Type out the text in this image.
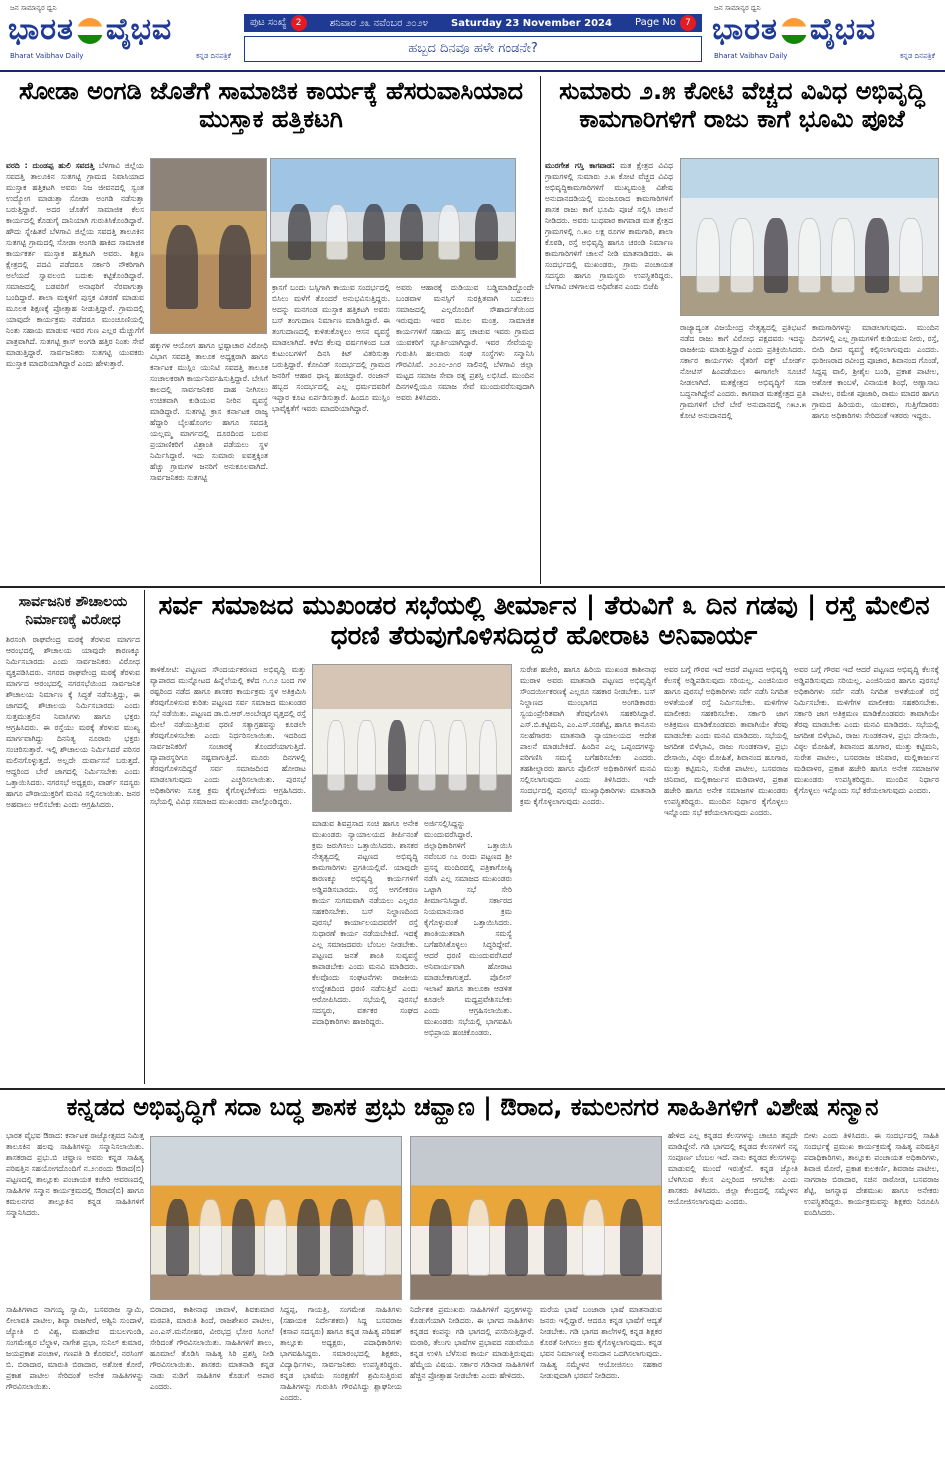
ಜನ ಸಾಮಾನ್ಯರ ಧ್ವನಿ
ಭಾರತ ವೈಭವ
Bharat Vaibhav Daily	ಕನ್ನಡ ದಿನಪತ್ರಿಕೆ
ಪುಟ ಸಂಖ್ಯೆ 2	ಶನಿವಾರ ೨೩ ನವೆಂಬರ ೨೦೨೪ Saturday 23 November 2024 Page No 7
ಹಬ್ಬದ ದಿನವೂ ಹಳೇ ಗಂಡನೇ?
ಜನ ಸಾಮಾನ್ಯರ ಧ್ವನಿ
ಭಾರತ ವೈಭವ
Bharat Vaibhav Daily	ಕನ್ನಡ ದಿನಪತ್ರಿಕೆ
ಸೋಡಾ ಅಂಗಡಿ ಜೊತೆಗೆ ಸಾಮಾಜಿಕ ಕಾರ್ಯಕ್ಕೆ ಹೆಸರುವಾಸಿಯಾದ ಮುಸ್ತಾಕ ಹತ್ತಿಕಟಗಿ
ವರದಿ : ದುಂಡಪ್ಪ ಹುಲಿ ಸವದತ್ತಿ ಬೆಳಗಾವಿ ಜಿಲ್ಲೆಯ ಸವದತ್ತಿ ತಾಲೂಕಿನ ಸುತಗಟ್ಟಿ ಗ್ರಾಮದ ನಿವಾಸಿಯಾದ ಮುಸ್ತಾಕ ಹತ್ತಿಕಟಗಿ ಅವರು ನಿಜ ಜೀವನದಲ್ಲಿ ಸ್ವಂತ ಉದ್ಯೋಗ ಮಾಡುತ್ತಾ ಸೋಡಾ ಅಂಗಡಿ ನಡೆಸುತ್ತಾ ಬರುತ್ತಿದ್ದಾರೆ. ಅದರ ಜೊತೆಗೆ ಸಾಮಾಜಿಕ ಕೆಲಸ ಕಾರ್ಯದಲ್ಲಿ ಕೊಡುಗೈ ದಾನಿಯಾಗಿ ಗುರುತಿಸಿಕೊಂಡಿದ್ದಾರೆ. ಹೌದು ಸ್ನೇಹಿತರೆ ಬೆಳಗಾವಿ ಜಿಲ್ಲೆಯ ಸವದತ್ತಿ ತಾಲೂಕಿನ ಸುತಗಟ್ಟಿ ಗ್ರಾಮದಲ್ಲಿ ಸೋಡಾ ಅಂಗಡಿ ಹಾಕಿದ ಸಾಮಾಜಿಕ ಕಾರ್ಯಕರ್ತ ಮುಸ್ತಾಕ ಹತ್ತಿಕಟಗಿ ಅವರು. ಶಿಕ್ಷಣ ಕ್ಷೇತ್ರದಲ್ಲಿ ಪದವಿ ಪಡೆದರೂ ಸರ್ಕಾರಿ ನೌಕರಿಗಾಗಿ ಅಲೆಯದೆ ಸ್ವಾವಲಂಬಿ ಬದುಕು ಕಟ್ಟಿಕೊಂಡಿದ್ದಾರೆ. ಸಮಾಜದಲ್ಲಿ ಬಡವರಿಗೆ ಅನಾಥರಿಗೆ ನೆರವಾಗುತ್ತಾ ಬಂದಿದ್ದಾರೆ. ಶಾಲಾ ಮಕ್ಕಳಿಗೆ ಪುಸ್ತಕ ವಿತರಣೆ ಮಾಡುವ ಮೂಲಕ ಶಿಕ್ಷಣಕ್ಕೆ ಪ್ರೋತ್ಸಾಹ ನೀಡುತ್ತಿದ್ದಾರೆ. ಗ್ರಾಮದಲ್ಲಿ ಯಾವುದೇ ಕಾರ್ಯಕ್ರಮ ನಡೆದರೂ ಮುಂಚೂಣಿಯಲ್ಲಿ ನಿಂತು ಸಹಾಯ ಮಾಡುವ ಇವರ ಗುಣ ಎಲ್ಲರ ಮೆಚ್ಚುಗೆಗೆ ಪಾತ್ರವಾಗಿದೆ. ಸುತಗಟ್ಟಿ ಕ್ರಾಸ್ ಅಂಗಡಿ ಹತ್ತಿರ ನಿಂತು ಸೇವೆ ಮಾಡುತ್ತಿದ್ದಾರೆ. ಸಾರ್ವಜನಿಕರು ಸುತಗಟ್ಟಿ ಯುವಕರು ಮುಸ್ತಾಕ ಮಾದರಿಯಾಗಿದ್ದಾರೆ ಎಂದು ಹೇಳುತ್ತಾರೆ.
ಹಕ್ಕುಗಳ ಆಯೋಗ ಹಾಗೂ ಭ್ರಷ್ಟಾಚಾರ ವಿರೋಧಿ ವಿಭಾಗ ಸವದತ್ತಿ ತಾಲೂಕ ಅಧ್ಯಕ್ಷರಾಗಿ ಹಾಗೂ ಕರ್ನಾಟಕ ಮುಸ್ಲಿಂ ಯುನಿಟಿ ಸವದತ್ತಿ ತಾಲೂಕ ಸಂಚಾಲಕರಾಗಿ ಕಾರ್ಯನಿರ್ವಹಿಸುತ್ತಿದ್ದಾರೆ. ಬೇಸಿಗೆ ಕಾಲದಲ್ಲಿ ಸಾರ್ವಜನಿಕರ ದಾಹ ನೀಗಿಸಲು ಉಚಿತವಾಗಿ ಕುಡಿಯುವ ನೀರಿನ ವ್ಯವಸ್ಥೆ ಮಾಡಿದ್ದಾರೆ. ಸುತಗಟ್ಟಿ ಕ್ರಾಸ ಕರ್ನಾಟಕ ರಾಜ್ಯ ಹೆದ್ದಾರಿ ಬೈಲಹೊಂಗಲ ಹಾಗೂ ಸವದತ್ತಿ ಯಲ್ಲಮ್ಮ ಮಾರ್ಗದಲ್ಲಿ ದೂರದಿಂದ ಬರುವ ಪ್ರಯಾಣಿಕರಿಗೆ ವಿಶ್ರಾಂತಿ ಪಡೆಯಲು ಸ್ಥಳ ನಿರ್ಮಿಸಿದ್ದಾರೆ. ಇದು ಸುಮಾರು ಐವತ್ತಕ್ಕಿಂತ ಹೆಚ್ಚು ಗ್ರಾಮಗಳ ಜನರಿಗೆ ಅನುಕೂಲವಾಗಿದೆ. ಸಾರ್ವಜನಿಕರು ಸುತಗಟ್ಟಿ
ಕ್ರಾಸಗೆ ಬಂದು ಬಸ್ಸಿಗಾಗಿ ಕಾಯುವ ಸಂದರ್ಭದಲ್ಲಿ ಬಿಸಿಲು ಮಳೆಗೆ ತೊಂದರೆ ಅನುಭವಿಸುತ್ತಿದ್ದರು. ಅದನ್ನು ಮನಗಂಡ ಮುಸ್ತಾಕ ಹತ್ತಿಕಟಗಿ ಅವರು ಬಸ್ ತಂಗುದಾಣ ನಿರ್ಮಾಣ ಮಾಡಿಸಿದ್ದಾರೆ. ಈ ತಂಗುದಾಣದಲ್ಲಿ ಕುಳಿತುಕೊಳ್ಳಲು ಆಸನ ವ್ಯವಸ್ಥೆ ಮಾಡಲಾಗಿದೆ. ಕಳೆದ ಕೆಲವು ವರ್ಷಗಳಿಂದ ಬಡ ಕುಟುಂಬಗಳಿಗೆ ದಿನಸಿ ಕಿಟ್ ವಿತರಿಸುತ್ತಾ ಬರುತ್ತಿದ್ದಾರೆ. ಕೋವಿಡ್ ಸಂದರ್ಭದಲ್ಲಿ ಗ್ರಾಮದ ಜನರಿಗೆ ಆಹಾರ ಧಾನ್ಯ ಹಂಚಿದ್ದಾರೆ. ರಂಜಾನ್ ಹಬ್ಬದ ಸಂದರ್ಭದಲ್ಲಿ ಎಲ್ಲ ಧರ್ಮದವರಿಗೆ ಇಫ್ತಾರ ಕೂಟ ಏರ್ಪಡಿಸುತ್ತಾರೆ. ಹಿಂದೂ ಮುಸ್ಲಿಂ ಭಾವೈಕ್ಯತೆಗೆ ಇವರು ಮಾದರಿಯಾಗಿದ್ದಾರೆ.
ಅವರು ಆಹಾರಕ್ಕೆ ದುಡಿಯುವ ಬಡ್ಡಿಮಾಡಿದ್ದೊಂದೇ ಬಂಡವಾಳ ಮನಸ್ಸಿಗೆ ಸುರಕ್ಷಿತವಾಗಿ ಬದುಕಲು ಸಮಾಜದಲ್ಲಿ ಎಲ್ಲರೊಂದಿಗೆ ಸೌಹಾರ್ದತೆಯಿಂದ ಇರುವುದು ಇವರ ಮೂಲ ಮಂತ್ರ. ಸಾಮಾಜಿಕ ಕಾರ್ಯಗಳಿಗೆ ಸಹಾಯ ಹಸ್ತ ಚಾಚುವ ಇವರು ಗ್ರಾಮದ ಯುವಕರಿಗೆ ಸ್ಪೂರ್ತಿಯಾಗಿದ್ದಾರೆ. ಇವರ ಸೇವೆಯನ್ನು ಗುರುತಿಸಿ ಹಲವಾರು ಸಂಘ ಸಂಸ್ಥೆಗಳು ಸನ್ಮಾನಿಸಿ ಗೌರವಿಸಿವೆ. ೨೦೨೦-೨೧ರ ಸಾಲಿನಲ್ಲಿ ಬೆಳಗಾವಿ ಜಿಲ್ಲಾ ಮಟ್ಟದ ಸಮಾಜ ಸೇವಾ ರತ್ನ ಪ್ರಶಸ್ತಿ ಲಭಿಸಿದೆ. ಮುಂದಿನ ದಿನಗಳಲ್ಲಿಯೂ ಸಮಾಜ ಸೇವೆ ಮುಂದುವರೆಸುವುದಾಗಿ ಅವರು ತಿಳಿಸಿದರು.
ಸುಮಾರು ೨.೫ ಕೋಟಿ ವೆಚ್ಚದ ವಿವಿಧ ಅಭಿವೃದ್ಧಿ ಕಾಮಗಾರಿಗಳಿಗೆ ರಾಜು ಕಾಗೆ ಭೂಮಿ ಪೂಜೆ
ಮುರಗೇಶ ಗಸ್ತಿ ಕಾಗವಾಡ: ಮತ ಕ್ಷೇತ್ರದ ವಿವಿಧ ಗ್ರಾಮಗಳಲ್ಲಿ ಸುಮಾರು ೨.೫ ಕೋಟಿ ವೆಚ್ಚದ ವಿವಿಧ ಅಭಿವೃದ್ಧಿಕಾಮಗಾರಿಗಳಿಗೆ ಮುಖ್ಯಮಂತ್ರಿ ವಿಶೇಷ ಅನುದಾನದಡಿಯಲ್ಲಿ ಮಂಜೂರಾದ ಕಾಮಗಾರಿಗಳಿಗೆ ಶಾಸಕ ರಾಜು ಕಾಗೆ ಭೂಮಿ ಪೂಜೆ ಸಲ್ಲಿಸಿ ಚಾಲನೆ ನೀಡಿದರು. ಅವರು ಬುಧವಾರ ಕಾಗವಾಡ ಮತ ಕ್ಷೇತ್ರದ ಗ್ರಾಮಗಳಲ್ಲಿ ೧.೫೦ ಲಕ್ಷ ರೂಗಳ ಕಾಮಗಾರಿ, ಶಾಲಾ ಕೊಠಡಿ, ರಸ್ತೆ ಅಭಿವೃದ್ಧಿ ಹಾಗೂ ಚರಂಡಿ ನಿರ್ಮಾಣ ಕಾಮಗಾರಿಗಳಿಗೆ ಚಾಲನೆ ನೀಡಿ ಮಾತನಾಡಿದರು. ಈ ಸಂದರ್ಭದಲ್ಲಿ ಮುಖಂಡರು, ಗ್ರಾಮ ಪಂಚಾಯತ ಸದಸ್ಯರು ಹಾಗೂ ಗ್ರಾಮಸ್ಥರು ಉಪಸ್ಥಿತರಿದ್ದರು. ಬೆಳಗಾವಿ ಚಳಿಗಾಲದ ಅಧಿವೇಶನ ಎಂದು ಬಿಜೆಪಿ
ರಾಜ್ಯಾದ್ಯಂತ ವಿಜಯೇಂದ್ರ ನೇತೃತ್ವದಲ್ಲಿ ಪ್ರತಿಭಟನೆ ನಡೆದ ರಾಜು ಕಾಗೆ ವಿರೋಧ ಪಕ್ಷದವರು ಇದನ್ನು ರಾಜಕೀಯ ಮಾಡುತ್ತಿದ್ದಾರೆ ಎಂದು ಪ್ರತಿಕ್ರಿಯಿಸಿದರು. ಸರ್ಕಾರ ಕಾರ್ಯಗಳು ರೈತರಿಗೆ ವಕ್ಫ್ ಬೋರ್ಡ್ ನೋಟಿಸ್ ಹಿಂಪಡೆಯಲು ಈಗಾಗಲೇ ಸೂಚನೆ ನೀಡಲಾಗಿದೆ. ಮತಕ್ಷೇತ್ರದ ಅಭಿವೃದ್ಧಿಗೆ ಸದಾ ಬದ್ಧನಾಗಿದ್ದೇನೆ ಎಂದರು. ಕಾಗವಾಡ ಮತಕ್ಷೇತ್ರದ ಪ್ರತಿ ಗ್ರಾಮಗಳಿಗೆ ಬೇರೆ ಬೇರೆ ಅನುದಾನದಲ್ಲಿ ೧೫೨.೫ ಕೋಟಿ ಅನುದಾನದಲ್ಲಿ
ಕಾಮಗಾರಿಗಳನ್ನು ಮಾಡಲಾಗುವುದು. ಮುಂದಿನ ದಿನಗಳಲ್ಲಿ ಎಲ್ಲ ಗ್ರಾಮಗಳಿಗೆ ಕುಡಿಯುವ ನೀರು, ರಸ್ತೆ, ಬೀದಿ ದೀಪ ವ್ಯವಸ್ಥೆ ಕಲ್ಪಿಸಲಾಗುವುದು ಎಂದರು. ಧುರೀಣರಾದ ರವೀಂದ್ರ ಪೂಜಾರ, ಶಿವಾನಂದ ಗೊಂಡೆ, ಸಿದ್ದಪ್ಪ ವಾಲಿ, ಶ್ರೀಶೈಲ ಬಂಡಿ, ಪ್ರಕಾಶ ಪಾಟೀಲ, ಅಶೋಕ ಕಾಂಬಳೆ, ವಿನಾಯಕ ಶಿಂಧೆ, ಅಣ್ಣಾಸಾಬ ಪಾಟೀಲ, ರಮೇಶ ಪೂಜಾರಿ, ರಾಮು ಮಾದರ ಹಾಗೂ ಗ್ರಾಮದ ಹಿರಿಯರು, ಯುವಕರು, ಗುತ್ತಿಗೆದಾರರು ಹಾಗೂ ಅಧಿಕಾರಿಗಳು ಸೇರಿದಂತೆ ಇತರರು ಇದ್ದರು.
ಸಾರ್ವಜನಿಕ ಶೌಚಾಲಯ ನಿರ್ಮಾಣಕ್ಕೆ ವಿರೋಧ
ಶಿರಸಂಗಿ ರಾಘವೇಂದ್ರ ಮಠಕ್ಕೆ ತೆರಳುವ ಮಾರ್ಗದ ಆರಂಭದಲ್ಲಿ ಶೌಚಾಲಯ ಯಾವುದೇ ಕಾರಣಕ್ಕೂ ನಿರ್ಮಿಸಬಾರದು ಎಂದು ಸಾರ್ವಜನಿಕರು ವಿರೋಧ ವ್ಯಕ್ತಪಡಿಸಿದರು. ನಗರದ ರಾಘವೇಂದ್ರ ಮಠಕ್ಕೆ ತೆರಳುವ ಮಾರ್ಗದ ಆರಂಭದಲ್ಲಿ ನಗರಸಭೆಯಿಂದ ಸಾರ್ವಜನಿಕ ಶೌಚಾಲಯ ನಿರ್ಮಾಣ ಕ್ಕೆ ಸಿದ್ಧತೆ ನಡೆಸುತ್ತಿದ್ದು, ಈ ಜಾಗದಲ್ಲಿ ಶೌಚಾಲಯ ನಿರ್ಮಿಸಬಾರದು ಎಂದು ಸುತ್ತಮುತ್ತಲಿನ ನಿವಾಸಿಗಳು ಹಾಗೂ ಭಕ್ತರು ಆಗ್ರಹಿಸಿದರು. ಈ ರಸ್ತೆಯು ಮಠಕ್ಕೆ ತೆರಳುವ ಮುಖ್ಯ ಮಾರ್ಗವಾಗಿದ್ದು ದಿನನಿತ್ಯ ನೂರಾರು ಭಕ್ತರು ಸಂಚರಿಸುತ್ತಾರೆ. ಇಲ್ಲಿ ಶೌಚಾಲಯ ನಿರ್ಮಿಸಿದರೆ ಪರಿಸರ ಮಲಿನಗೊಳ್ಳುತ್ತದೆ. ಅಲ್ಲದೇ ದುರ್ವಾಸನೆ ಬರುತ್ತದೆ. ಆದ್ದರಿಂದ ಬೇರೆ ಜಾಗದಲ್ಲಿ ನಿರ್ಮಿಸಬೇಕು ಎಂದು ಒತ್ತಾಯಿಸಿದರು. ನಗರಸಭೆ ಅಧ್ಯಕ್ಷರು, ವಾರ್ಡ್ ಸದಸ್ಯರು ಹಾಗೂ ಪೌರಾಯುಕ್ತರಿಗೆ ಮನವಿ ಸಲ್ಲಿಸಲಾಯಿತು. ಜನರ ಅಹವಾಲು ಆಲಿಸಬೇಕು ಎಂದು ಆಗ್ರಹಿಸಿದರು.
ಸರ್ವ ಸಮಾಜದ ಮುಖಂಡರ ಸಭೆಯಲ್ಲಿ ತೀರ್ಮಾನ | ತೆರುವಿಗೆ ೩ ದಿನ ಗಡವು | ರಸ್ತೆ ಮೇಲಿನ ಧರಣಿ ತೆರುವುಗೊಳಿಸದಿದ್ದರೆ ಹೋರಾಟ ಅನಿವಾರ್ಯ
ತಾಳಿಕೋಟಿ: ಪಟ್ಟಣದ ಸೌಂದರ್ಯಕರಣದ ಅಭಿವೃದ್ಧಿ ಮತ್ತು ವ್ಯಾಪಾರದ ಮುನ್ನೋಟದ ಹಿನ್ನೆಲೆಯಲ್ಲಿ ಕಳೆದ ೧.೧೨ ಬಂದ ಗಳ ರಷ್ಟರಿಂದ ನಡೆದ ಹಾಗೂ ಶಾಸಕರ ಕಾರ್ಯಕ್ರಮ ಸ್ಥಳ ಅತಿಕ್ರಮಿಸಿ ತೆರವುಗೊಳಿಸುವ ಕುರಿತು ಪಟ್ಟಣದ ಸರ್ವ ಸಮಾಜದ ಮುಖಂಡರ ಸಭೆ ನಡೆಯಿತು. ಪಟ್ಟಣದ ಡಾ.ಬಿ.ಆರ್.ಅಂಬೇಡ್ಕರ ವೃತ್ತದಲ್ಲಿ ರಸ್ತೆ ಮೇಲೆ ನಡೆಯುತ್ತಿರುವ ಧರಣಿ ಸತ್ಯಾಗ್ರಹವನ್ನು ಕೂಡಲೇ ತೆರವುಗೊಳಿಸಬೇಕು ಎಂದು ನಿರ್ಧರಿಸಲಾಯಿತು. ಇದರಿಂದ ಸಾರ್ವಜನಿಕರಿಗೆ ಸಂಚಾರಕ್ಕೆ ತೊಂದರೆಯಾಗುತ್ತಿದೆ. ವ್ಯಾಪಾರಸ್ಥರಿಗೂ ನಷ್ಟವಾಗುತ್ತಿದೆ. ಮೂರು ದಿನಗಳಲ್ಲಿ ತೆರವುಗೊಳಿಸದಿದ್ದರೆ ಸರ್ವ ಸಮಾಜದಿಂದ ಹೋರಾಟ ಮಾಡಲಾಗುವುದು ಎಂದು ಎಚ್ಚರಿಸಲಾಯಿತು. ಪುರಸಭೆ ಅಧಿಕಾರಿಗಳು ಸೂಕ್ತ ಕ್ರಮ ಕೈಗೊಳ್ಳಬೇಕೆಂದು ಆಗ್ರಹಿಸಿದರು. ಸಭೆಯಲ್ಲಿ ವಿವಿಧ ಸಮಾಜದ ಮುಖಂಡರು ಪಾಲ್ಗೊಂಡಿದ್ದರು.
ಮಾಡುವ ಶಿವಪ್ರಸಾದ ಸಂಚಿ ಹಾಗೂ ಅನೇಕ ಮುಖಂಡರು ನ್ಯಾಯಾಲಯದ ತೀರ್ಪಿನಂತೆ ಕ್ರಮ ಜರುಗಿಸಲು ಒತ್ತಾಯಿಸಿದರು. ಶಾಸಕರ ನೇತೃತ್ವದಲ್ಲಿ ಪಟ್ಟಣದ ಅಭಿವೃದ್ಧಿ ಕಾಮಗಾರಿಗಳು ಪ್ರಗತಿಯಲ್ಲಿವೆ. ಯಾವುದೇ ಕಾರಣಕ್ಕೂ ಅಭಿವೃದ್ಧಿ ಕಾರ್ಯಗಳಿಗೆ ಅಡ್ಡಿಪಡಿಸಬಾರದು. ರಸ್ತೆ ಅಗಲೀಕರಣ ಕಾರ್ಯ ಸುಗಮವಾಗಿ ನಡೆಯಲು ಎಲ್ಲರೂ ಸಹಕರಿಸಬೇಕು. ಬಸ್ ನಿಲ್ದಾಣದಿಂದ ಪುರಸಭೆ ಕಾರ್ಯಾಲಯದವರೆಗೆ ರಸ್ತೆ ಸುಧಾರಣೆ ಕಾರ್ಯ ನಡೆಯಬೇಕಿದೆ. ಇದಕ್ಕೆ ಎಲ್ಲ ಸಮಾಜದವರು ಬೆಂಬಲ ನೀಡಬೇಕು. ಪಟ್ಟಣದ ಜನತೆ ಶಾಂತಿ ಸುವ್ಯವಸ್ಥೆ ಕಾಪಾಡಬೇಕು ಎಂದು ಮನವಿ ಮಾಡಿದರು. ಕೆಲವೊಂದು ಸಂಘಟನೆಗಳು ರಾಜಕೀಯ ಉದ್ದೇಶದಿಂದ ಧರಣಿ ನಡೆಸುತ್ತಿವೆ ಎಂದು ಆರೋಪಿಸಿದರು. ಸಭೆಯಲ್ಲಿ ಪುರಸಭೆ ಸದಸ್ಯರು, ವರ್ತಕರ ಸಂಘದ ಪದಾಧಿಕಾರಿಗಳು ಹಾಜರಿದ್ದರು.
ಅರ್ಜಿಸಲ್ಲಿಸಿದ್ದನ್ನು ಮುಂದುವರೆಸಿದ್ದಾರೆ. ಜಿಲ್ಲಾಧಿಕಾರಿಗಳಿಗೆ ಒತ್ತಾಯಿಸಿ ನವೆಂಬರ ೧೭ ರಂದು ಪಟ್ಟಣದ ಶ್ರೀ ಪ್ರಸನ್ನ ಮಂದಿರದಲ್ಲಿ ಪತ್ರಿಕಾಗೋಷ್ಠಿ ನಡೆಸಿ ಎಲ್ಲ ಸಮಾಜದ ಮುಖಂಡರು ಒಟ್ಟಾಗಿ ಸಭೆ ಸೇರಿ ತೀರ್ಮಾನಿಸಿದ್ದಾರೆ. ಸರ್ಕಾರದ ನಿಯಮಾನುಸಾರ ಕ್ರಮ ಕೈಗೊಳ್ಳುವಂತೆ ಒತ್ತಾಯಿಸಿದರು. ಶಾಂತಿಯುತವಾಗಿ ಸಮಸ್ಯೆ ಬಗೆಹರಿಸಿಕೊಳ್ಳಲು ಸಿದ್ಧರಿದ್ದೇವೆ. ಆದರೆ ಧರಣಿ ಮುಂದುವರೆಸಿದರೆ ಅನಿವಾರ್ಯವಾಗಿ ಹೋರಾಟ ಮಾಡಬೇಕಾಗುತ್ತದೆ. ಪೊಲೀಸ್ ಇಲಾಖೆ ಹಾಗೂ ತಾಲೂಕಾ ಆಡಳಿತ ಕೂಡಲೇ ಮಧ್ಯಪ್ರವೇಶಿಸಬೇಕು ಎಂದು ಆಗ್ರಹಿಸಲಾಯಿತು. ಮುಖಂಡರು ಸಭೆಯಲ್ಲಿ ಭಾಗವಹಿಸಿ ಅಭಿಪ್ರಾಯ ಹಂಚಿಕೊಂಡರು.
ಸುರೇಶ ಹಜೇರಿ, ಹಾಗೂ ಹಿರಿಯ ಮುಖಂಡ ಕಾಶೀನಾಥ ಮುರಾಳ ಅವರು ಮಾತನಾಡಿ ಪಟ್ಟಣದ ಅಭಿವೃದ್ಧಿಗೆ ಸೌಂದರ್ಯೀಕರಣಕ್ಕೆ ಎಲ್ಲರೂ ಸಹಕಾರ ನೀಡಬೇಕು. ಬಸ್ ನಿಲ್ದಾಣದ ಮುಂಭಾಗದ ಅಂಗಡಿಕಾರರು ಸ್ವಯಂಪ್ರೇರಿತವಾಗಿ ತೆರವುಗೊಳಿಸಿ ಸಹಕರಿಸಿದ್ದಾರೆ. ಎಸ್.ಬಿ.ಕಟ್ಟಿಮನಿ, ಎಂ.ಎಸ್.ಸರಶೆಟ್ಟಿ, ಹಾಗೂ ಕಾನೂನು ಸಲಹೆಗಾರರು ಮಾತನಾಡಿ ನ್ಯಾಯಾಲಯದ ಆದೇಶ ಪಾಲನೆ ಮಾಡಬೇಕಿದೆ. ಹಿಂದಿನ ಎಲ್ಲ ಒಪ್ಪಂದಗಳನ್ನು ಪರಿಗಣಿಸಿ ಸಮಸ್ಯೆ ಬಗೆಹರಿಸಬೇಕು ಎಂದರು. ತಹಶೀಲ್ದಾರರು ಹಾಗೂ ಪೊಲೀಸ್ ಅಧಿಕಾರಿಗಳಿಗೆ ಮನವಿ ಸಲ್ಲಿಸಲಾಗುವುದು ಎಂದು ತಿಳಿಸಿದರು. ಇದೇ ಸಂದರ್ಭದಲ್ಲಿ ಪುರಸಭೆ ಮುಖ್ಯಾಧಿಕಾರಿಗಳು ಮಾತನಾಡಿ ಕ್ರಮ ಕೈಗೊಳ್ಳಲಾಗುವುದು ಎಂದರು.
ಅವರ ಬಗ್ಗೆ ಗೌರವ ಇದೆ ಆದರೆ ಪಟ್ಟಣದ ಅಭಿವೃದ್ಧಿ ಕೆಲಸಕ್ಕೆ ಅಡ್ಡಿಪಡಿಸುವುದು ಸರಿಯಲ್ಲ. ಎಂಜಿನಿಯರ ಹಾಗೂ ಪುರಸಭೆ ಅಧಿಕಾರಿಗಳು ಸರ್ವೆ ನಡೆಸಿ ನಿಗದಿತ ಅಳತೆಯಂತೆ ರಸ್ತೆ ನಿರ್ಮಿಸಬೇಕು. ಮಳಿಗೆಗಳ ಮಾಲೀಕರು ಸಹಕರಿಸಬೇಕು. ಸರ್ಕಾರಿ ಜಾಗ ಅತಿಕ್ರಮಣ ಮಾಡಿಕೊಂಡವರು ತಾವಾಗಿಯೇ ತೆರವು ಮಾಡಬೇಕು ಎಂದು ಮನವಿ ಮಾಡಿದರು. ಸಭೆಯಲ್ಲಿ ಜಗದೀಶ ಬಿಳೆಭಾವಿ, ರಾಜು ಗುಂಡಕನಾಳ, ಪ್ರಭು ದೇಸಾಯಿ, ವಿಠ್ಠಲ ಮೋಹಿತೆ, ಶಿವಾನಂದ ಹೂಗಾರ, ಮುತ್ತು ಕಟ್ಟಿಮನಿ, ಸುರೇಶ ಪಾಟೀಲ, ಬಸವರಾಜ ಚಿನಿವಾರ, ಮಲ್ಲಿಕಾರ್ಜುನ ಮಡಿವಾಳರ, ಪ್ರಕಾಶ ಹಜೇರಿ ಹಾಗೂ ಅನೇಕ ಸಮಾಜಗಳ ಮುಖಂಡರು ಉಪಸ್ಥಿತರಿದ್ದರು. ಮುಂದಿನ ನಿರ್ಧಾರ ಕೈಗೊಳ್ಳಲು ಇನ್ನೊಂದು ಸಭೆ ಕರೆಯಲಾಗುವುದು ಎಂದರು.
ಅವರ ಬಗ್ಗೆ ಗೌರವ ಇದೆ ಆದರೆ ಪಟ್ಟಣದ ಅಭಿವೃದ್ಧಿ ಕೆಲಸಕ್ಕೆ ಅಡ್ಡಿಪಡಿಸುವುದು ಸರಿಯಲ್ಲ. ಎಂಜಿನಿಯರ ಹಾಗೂ ಪುರಸಭೆ ಅಧಿಕಾರಿಗಳು ಸರ್ವೆ ನಡೆಸಿ ನಿಗದಿತ ಅಳತೆಯಂತೆ ರಸ್ತೆ ನಿರ್ಮಿಸಬೇಕು. ಮಳಿಗೆಗಳ ಮಾಲೀಕರು ಸಹಕರಿಸಬೇಕು. ಸರ್ಕಾರಿ ಜಾಗ ಅತಿಕ್ರಮಣ ಮಾಡಿಕೊಂಡವರು ತಾವಾಗಿಯೇ ತೆರವು ಮಾಡಬೇಕು ಎಂದು ಮನವಿ ಮಾಡಿದರು. ಸಭೆಯಲ್ಲಿ ಜಗದೀಶ ಬಿಳೆಭಾವಿ, ರಾಜು ಗುಂಡಕನಾಳ, ಪ್ರಭು ದೇಸಾಯಿ, ವಿಠ್ಠಲ ಮೋಹಿತೆ, ಶಿವಾನಂದ ಹೂಗಾರ, ಮುತ್ತು ಕಟ್ಟಿಮನಿ, ಸುರೇಶ ಪಾಟೀಲ, ಬಸವರಾಜ ಚಿನಿವಾರ, ಮಲ್ಲಿಕಾರ್ಜುನ ಮಡಿವಾಳರ, ಪ್ರಕಾಶ ಹಜೇರಿ ಹಾಗೂ ಅನೇಕ ಸಮಾಜಗಳ ಮುಖಂಡರು ಉಪಸ್ಥಿತರಿದ್ದರು. ಮುಂದಿನ ನಿರ್ಧಾರ ಕೈಗೊಳ್ಳಲು ಇನ್ನೊಂದು ಸಭೆ ಕರೆಯಲಾಗುವುದು ಎಂದರು.
ಕನ್ನಡದ ಅಭಿವೃದ್ಧಿಗೆ ಸದಾ ಬದ್ಧ ಶಾಸಕ ಪ್ರಭು ಚವ್ಹಾಣ | ಔರಾದ, ಕಮಲನಗರ ಸಾಹಿತಿಗಳಿಗೆ ವಿಶೇಷ ಸನ್ಮಾನ
ಭಾರತ ವೈಭವ ಔರಾದ: ಕರ್ನಾಟಕ ರಾಜ್ಯೋತ್ಸವದ ನಿಮಿತ್ತ ತಾಲೂಕಿನ ಹಲವು ಸಾಹಿತಿಗಳನ್ನು ಸನ್ಮಾನಿಸಲಾಯಿತು. ಶಾಸಕರಾದ ಪ್ರಭು.ಬಿ ಚವ್ಹಾಣ ಅವರು ಕನ್ನಡ ಸಾಹಿತ್ಯ ಪರಿಷತ್ತಿನ ಸಹಯೋಗದೊಂದಿಗೆ ನ.೨೧ರಂದು ಔರಾದ(ಬಿ) ಪಟ್ಟಣದಲ್ಲಿ ತಾಲ್ಲೂಕು ಪಂಚಾಯತ ಕಚೇರಿ ಆವರಣದಲ್ಲಿ ಸಾಹಿತಿಗಳ ಸನ್ಮಾನ ಕಾರ್ಯಕ್ರಮದಲ್ಲಿ ಔರಾದ(ಬಿ) ಹಾಗೂ ಕಮಲನಗರ ತಾಲ್ಲೂಕಿನ ಕನ್ನಡ ಸಾಹಿತಿಗಳಿಗೆ ಸನ್ಮಾನಿಸಿದರು.
ಸಾಹಿತಿಗಳಾದ ನಾಗಯ್ಯ ಸ್ವಾಮಿ, ಬಸವರಾಜ ಸ್ವಾಮಿ, ಲೀಲಾವತಿ ಪಾಟೀಲ, ಶಿವ್ಯಾ ರಾಜಗೀರೆ, ಅಶ್ವಿನಿ ಸುಂದಾಳೆ, ಜ್ಯೋತಿ ಬಿ ವಿಶ್ವ, ಮಹಾದೇವ ದುಬಲಗುಂಡಿ, ಸಂಗಮೇಶ್ವರ ಬೆಲ್ದಾಳ, ನಾಗೇಶ ಪ್ರಭಾ, ಸುನಿಲ್ ಕುಮಾರ, ಜಯಪ್ರಕಾಶ ಪಂಚಾಳ, ಗಣಪತಿ ಡಿ ಕೊರವಲೆ, ನರಸಿಂಗ್ ಬಿ. ಬಿರಾದಾರ, ಮಾರುತಿ ಬಿರಾದಾರ, ಅಶೋಕ ಕೋರೆ, ಪ್ರಕಾಶ ಪಾಟೀಲ ಸೇರಿದಂತೆ ಅನೇಕ ಸಾಹಿತಿಗಳನ್ನು ಗೌರವಿಸಲಾಯಿತು.
ಬಿರಾದಾರ, ಕಾಶೀನಾಥ ಚಾವಾಳೆ, ಶಿವಕುಮಾರ ಮಠಪತಿ, ಮಾರುತಿ ಶಿಂದೆ, ರಾಜಶೇಖರ ಪಾಟೀಲ, ಎಂ.ಎಸ್.ಮನೋಹರ, ವೀರಭದ್ರ ಭೋರ ಸಿಂಗಲೆ ಸೇರಿದಂತೆ ಗೌರವಿಸಲಾಯಿತು. ಸಾಹಿತಿಗಳಿಗೆ ಶಾಲು, ಹೂಮಾಲೆ ತೊಡಿಸಿ ಸಾಹಿತ್ಯ ಸಿರಿ ಪ್ರಶಸ್ತಿ ನೀಡಿ ಗೌರವಿಸಲಾಯಿತು. ಶಾಸಕರು ಮಾತನಾಡಿ ಕನ್ನಡ ನಾಡು ನುಡಿಗೆ ಸಾಹಿತಿಗಳ ಕೊಡುಗೆ ಅಪಾರ ಎಂದರು.
ಸಿದ್ದಪ್ಪ, ಗಾಯತ್ರಿ, ಸಂಗಮೇಶ ಸಾಹಿತಿಗಳು (ಸಹಾಯಕ ನಿರ್ದೇಶಕರು) ಸಿದ್ದ ಬಸವರಾಜ (ಕಸಾಪ ಸದಸ್ಯರು) ಹಾಗೂ ಕನ್ನಡ ಸಾಹಿತ್ಯ ಪರಿಷತ್ ತಾಲ್ಲೂಕು ಅಧ್ಯಕ್ಷರು, ಪದಾಧಿಕಾರಿಗಳು ಭಾಗವಹಿಸಿದ್ದರು. ಸಮಾರಂಭದಲ್ಲಿ ಶಿಕ್ಷಕರು, ವಿದ್ಯಾರ್ಥಿಗಳು, ಸಾರ್ವಜನಿಕರು ಉಪಸ್ಥಿತರಿದ್ದರು. ಕನ್ನಡ ಭಾಷೆಯ ಸಂರಕ್ಷಣೆಗೆ ಶ್ರಮಿಸುತ್ತಿರುವ ಸಾಹಿತಿಗಳನ್ನು ಗುರುತಿಸಿ ಗೌರವಿಸಿದ್ದು ಶ್ಲಾಘನೀಯ ಎಂದರು.
ನಿರ್ದೇಶಕ ಪ್ರಮುಖರು ಸಾಹಿತಿಗಳಿಗೆ ಪುಸ್ತಕಗಳನ್ನು ಕೊಡುಗೆಯಾಗಿ ನೀಡಿದರು. ಈ ಭಾಗದ ಸಾಹಿತಿಗಳು ಕನ್ನಡದ ಕಂಪನ್ನು ಗಡಿ ಭಾಗದಲ್ಲಿ ಪಸರಿಸುತ್ತಿದ್ದಾರೆ. ಮರಾಠಿ, ತೆಲುಗು ಭಾಷೆಗಳ ಪ್ರಭಾವದ ನಡುವೆಯೂ ಕನ್ನಡ ಉಳಿಸಿ ಬೆಳೆಸುವ ಕಾರ್ಯ ಮಾಡುತ್ತಿರುವುದು ಹೆಮ್ಮೆಯ ವಿಷಯ. ಸರ್ಕಾರ ಗಡಿನಾಡ ಸಾಹಿತಿಗಳಿಗೆ ಹೆಚ್ಚಿನ ಪ್ರೋತ್ಸಾಹ ನೀಡಬೇಕು ಎಂದು ಹೇಳಿದರು.
ಮರೆಯ ಭಾಷೆ ಬಂಜಾರಾ ಭಾಷೆ ಮಾತನಾಡುವ ಜನರು ಇಲ್ಲಿದ್ದಾರೆ. ಆದರೂ ಕನ್ನಡ ಭಾಷೆಗೆ ಆದ್ಯತೆ ನೀಡಬೇಕು. ಗಡಿ ಭಾಗದ ಶಾಲೆಗಳಲ್ಲಿ ಕನ್ನಡ ಶಿಕ್ಷಕರ ಕೊರತೆ ನೀಗಿಸಲು ಕ್ರಮ ಕೈಗೊಳ್ಳಲಾಗುವುದು. ಕನ್ನಡ ಭವನ ನಿರ್ಮಾಣಕ್ಕೆ ಅನುದಾನ ಒದಗಿಸಲಾಗುವುದು. ಸಾಹಿತ್ಯ ಸಮ್ಮೇಳನ ಆಯೋಜಿಸಲು ಸಹಕಾರ ನೀಡುವುದಾಗಿ ಭರವಸೆ ನೀಡಿದರು.
ಹೇಳಿದ ಎಲ್ಲ ಕನ್ನಡದ ಕೆಲಸಗಳನ್ನು ಚಾಚೂ ತಪ್ಪದೇ ಮಾಡಿದ್ದೇನೆ. ಗಡಿ ಭಾಗದಲ್ಲಿ ಕನ್ನಡದ ಕೆಲಸಗಳಿಗೆ ನನ್ನ ಸಂಪೂರ್ಣ ಬೆಂಬಲ ಇದೆ. ನಾನು ಕನ್ನಡದ ಕೆಲಸಗಳನ್ನು ಮಾಡುವಲ್ಲಿ ಮುಂದೆ ಇರುತ್ತೇನೆ. ಕನ್ನಡ ಜ್ಯೋತಿ ಬೆಳಗಿಸುವ ಕೆಲಸ ಎಲ್ಲರಿಂದ ಆಗಬೇಕು ಎಂದು ಶಾಸಕರು ತಿಳಿಸಿದರು. ಜಿಲ್ಲಾ ಕೇಂದ್ರದಲ್ಲಿ ಸಮ್ಮೇಳನ ಆಯೋಜಿಸಲಾಗುವುದು ಎಂದರು.
ಬೀಳು ಎಂದು ತಿಳಿಸಿದರು. ಈ ಸಂದರ್ಭದಲ್ಲಿ ಸಾಹಿತಿ ಸಂದರ್ಭಕ್ಕೆ ಪ್ರಮುಖ ಕಾರ್ಯಕ್ರಮಕ್ಕೆ ಸಾಹಿತ್ಯ ಪರಿಷತ್ತಿನ ಪದಾಧಿಕಾರಿಗಳು, ತಾಲ್ಲೂಕು ಪಂಚಾಯತ ಅಧಿಕಾರಿಗಳು, ಶಿವಾಜಿ ಮೋರೆ, ಪ್ರಕಾಶ ಕುಲಕರ್ಣಿ, ಶಿವರಾಜ ಪಾಟೀಲ, ನಾಗರಾಜ ಬಿರಾದಾರ, ಸಚಿನ ರಾಠೋಡ, ಬಸವರಾಜ ಶೆಟ್ಟಿ, ಜಗನ್ನಾಥ ದೇಶಮುಖ ಹಾಗೂ ಅನೇಕರು ಉಪಸ್ಥಿತರಿದ್ದರು. ಕಾರ್ಯಕ್ರಮವನ್ನು ಶಿಕ್ಷಕರು ನಿರೂಪಿಸಿ ವಂದಿಸಿದರು.
